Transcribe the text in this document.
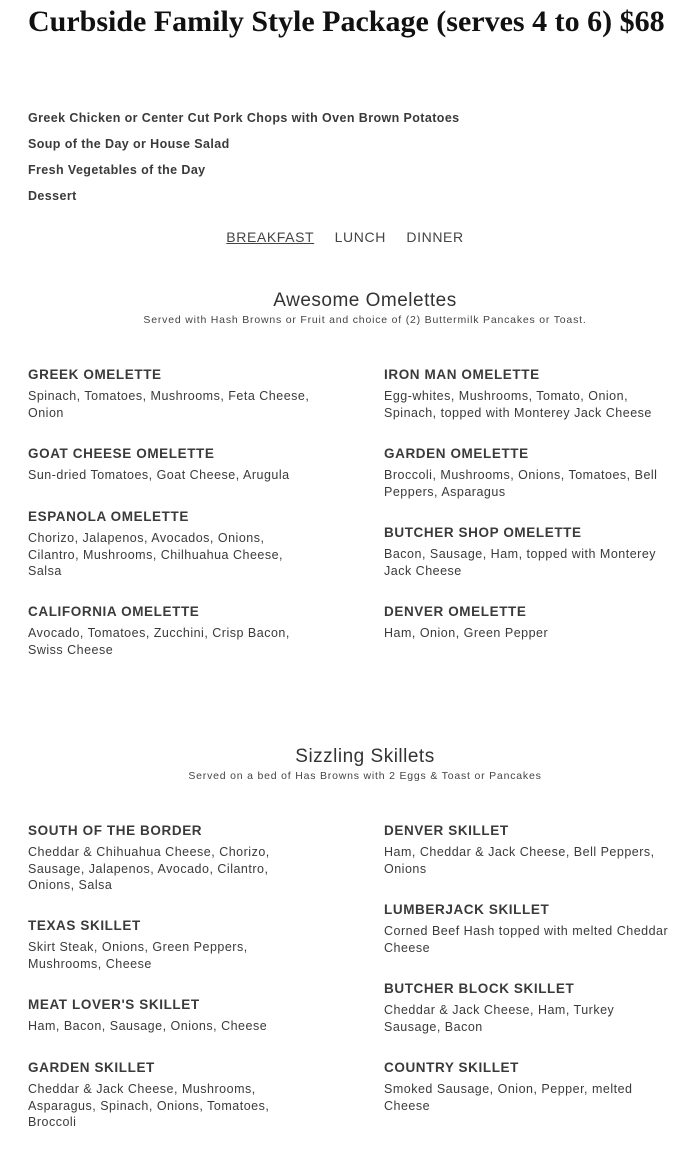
Curbside Family Style Package (serves 4 to 6) $68
Greek Chicken or Center Cut Pork Chops with Oven Brown Potatoes
Soup of the Day or House Salad
Fresh Vegetables of the Day
Dessert
BREAKFAST LUNCH DINNER
Awesome Omelettes
Served with Hash Browns or Fruit and choice of (2) Buttermilk Pancakes or Toast.
GREEK OMELETTE
Spinach, Tomatoes, Mushrooms, Feta Cheese, Onion
GOAT CHEESE OMELETTE
Sun-dried Tomatoes, Goat Cheese, Arugula
ESPANOLA OMELETTE
Chorizo, Jalapenos, Avocados, Onions, Cilantro, Mushrooms, Chilhuahua Cheese, Salsa
CALIFORNIA OMELETTE
Avocado, Tomatoes, Zucchini, Crisp Bacon, Swiss Cheese
IRON MAN OMELETTE
Egg-whites, Mushrooms, Tomato, Onion, Spinach, topped with Monterey Jack Cheese
GARDEN OMELETTE
Broccoli, Mushrooms, Onions, Tomatoes, Bell Peppers, Asparagus
BUTCHER SHOP OMELETTE
Bacon, Sausage, Ham, topped with Monterey Jack Cheese
DENVER OMELETTE
Ham, Onion, Green Pepper
Sizzling Skillets
Served on a bed of Has Browns with 2 Eggs & Toast or Pancakes
SOUTH OF THE BORDER
Cheddar & Chihuahua Cheese, Chorizo, Sausage, Jalapenos, Avocado, Cilantro, Onions, Salsa
TEXAS SKILLET
Skirt Steak, Onions, Green Peppers, Mushrooms, Cheese
MEAT LOVER'S SKILLET
Ham, Bacon, Sausage, Onions, Cheese
GARDEN SKILLET
Cheddar & Jack Cheese, Mushrooms, Asparagus, Spinach, Onions, Tomatoes, Broccoli
DENVER SKILLET
Ham, Cheddar & Jack Cheese, Bell Peppers, Onions
LUMBERJACK SKILLET
Corned Beef Hash topped with melted Cheddar Cheese
BUTCHER BLOCK SKILLET
Cheddar & Jack Cheese, Ham, Turkey Sausage, Bacon
COUNTRY SKILLET
Smoked Sausage, Onion, Pepper, melted Cheese
